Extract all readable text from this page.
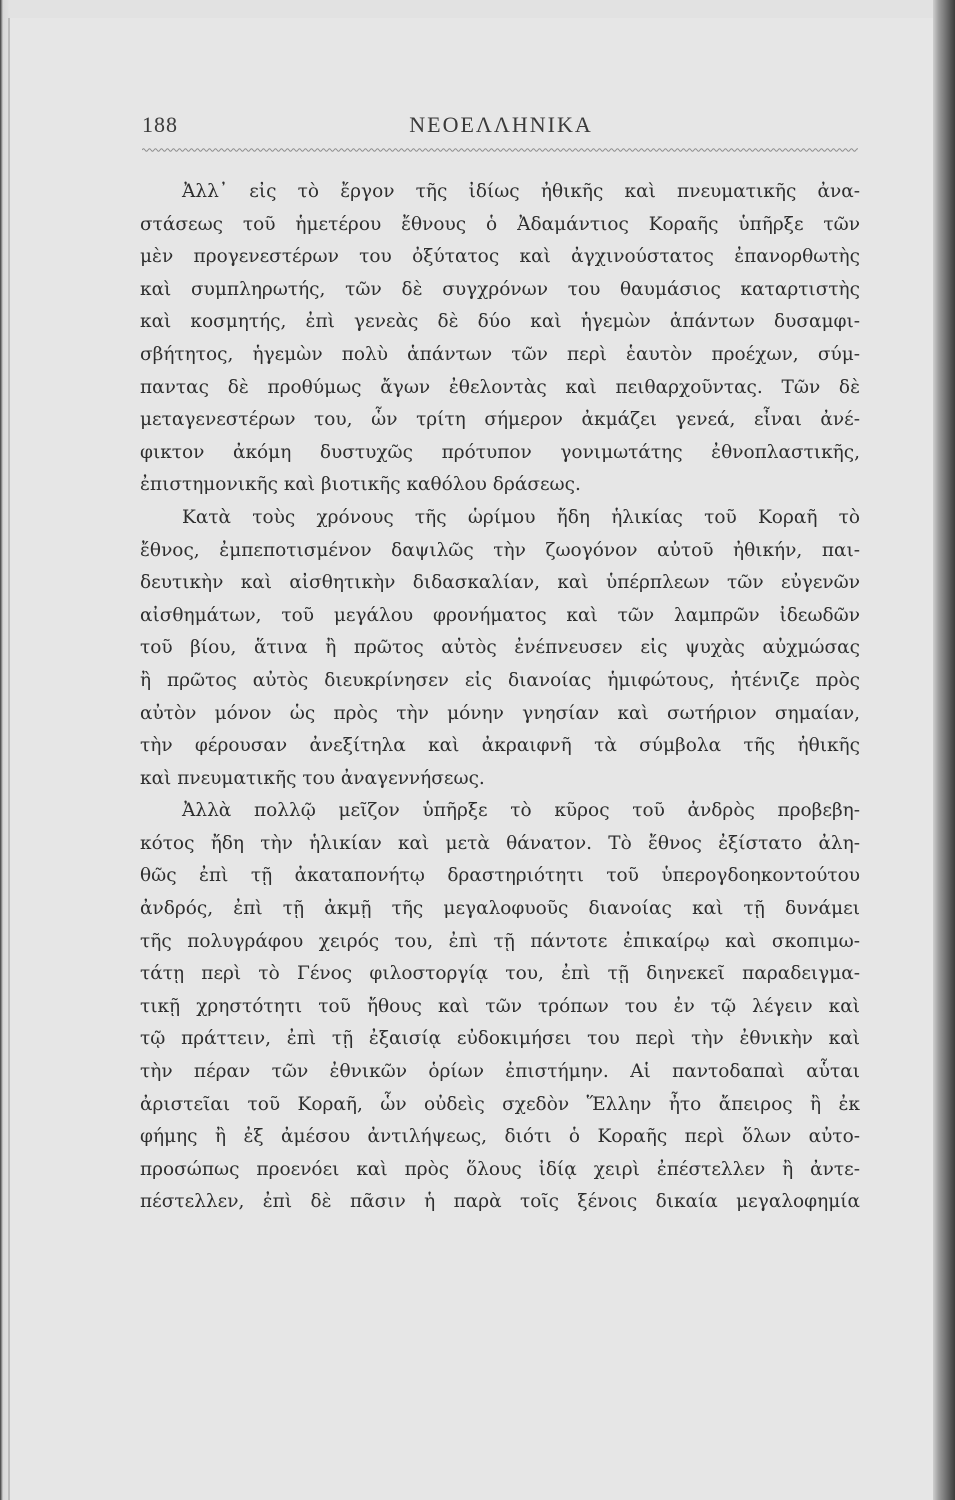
188	ΝΕΟΕΛΛΗΝΙΚΑ
Ἀλλ᾽ εἰς τὸ ἔργον τῆς ἰδίως ἠθικῆς καὶ πνευματικῆς ἀνα-
στάσεως τοῦ ἡμετέρου ἔθνους ὁ Ἀδαμάντιος Κοραῆς ὑπῆρξε τῶν
μὲν προγενεστέρων του ὀξύτατος καὶ ἀγχινούστατος ἐπανορθωτὴς
καὶ συμπληρωτής, τῶν δὲ συγχρόνων του θαυμάσιος καταρτιστὴς
καὶ κοσμητής, ἐπὶ γενεὰς δὲ δύο καὶ ἡγεμὼν ἁπάντων δυσαμφι-
σβήτητος, ἡγεμὼν πολὺ ἁπάντων τῶν περὶ ἑαυτὸν προέχων, σύμ-
παντας δὲ προθύμως ἄγων ἐθελοντὰς καὶ πειθαρχοῦντας. Τῶν δὲ
μεταγενεστέρων του, ὧν τρίτη σήμερον ἀκμάζει γενεά, εἶναι ἀνέ-
φικτον ἀκόμη δυστυχῶς πρότυπον γονιμωτάτης ἐθνοπλαστικῆς,
ἐπιστημονικῆς καὶ βιοτικῆς καθόλου δράσεως.
Κατὰ τοὺς χρόνους τῆς ὡρίμου ἤδη ἡλικίας τοῦ Κοραῆ τὸ
ἔθνος, ἐμπεποτισμένον δαψιλῶς τὴν ζωογόνον αὐτοῦ ἠθικήν, παι-
δευτικὴν καὶ αἰσθητικὴν διδασκαλίαν, καὶ ὑπέρπλεων τῶν εὐγενῶν
αἰσθημάτων, τοῦ μεγάλου φρονήματος καὶ τῶν λαμπρῶν ἰδεωδῶν
τοῦ βίου, ἅτινα ἢ πρῶτος αὐτὸς ἐνέπνευσεν εἰς ψυχὰς αὐχμώσας
ἢ πρῶτος αὐτὸς διευκρίνησεν εἰς διανοίας ἡμιφώτους, ἠτένιζε πρὸς
αὐτὸν μόνον ὡς πρὸς τὴν μόνην γνησίαν καὶ σωτήριον σημαίαν,
τὴν φέρουσαν ἀνεξίτηλα καὶ ἀκραιφνῆ τὰ σύμβολα τῆς ἠθικῆς
καὶ πνευματικῆς του ἀναγεννήσεως.
Ἀλλὰ πολλῷ μεῖζον ὑπῆρξε τὸ κῦρος τοῦ ἀνδρὸς προβεβη-
κότος ἤδη τὴν ἡλικίαν καὶ μετὰ θάνατον. Τὸ ἔθνος ἐξίστατο ἀλη-
θῶς ἐπὶ τῇ ἀκαταπονήτῳ δραστηριότητι τοῦ ὑπερογδοηκοντούτου
ἀνδρός, ἐπὶ τῇ ἀκμῇ τῆς μεγαλοφυοῦς διανοίας καὶ τῇ δυνάμει
τῆς πολυγράφου χειρός του, ἐπὶ τῇ πάντοτε ἐπικαίρῳ καὶ σκοπιμω-
τάτῃ περὶ τὸ Γένος φιλοστοργίᾳ του, ἐπὶ τῇ διηνεκεῖ παραδειγμα-
τικῇ χρηστότητι τοῦ ἤθους καὶ τῶν τρόπων του ἐν τῷ λέγειν καὶ
τῷ πράττειν, ἐπὶ τῇ ἐξαισίᾳ εὐδοκιμήσει του περὶ τὴν ἐθνικὴν καὶ
τὴν πέραν τῶν ἐθνικῶν ὁρίων ἐπιστήμην. Αἱ παντοδαπαὶ αὗται
ἀριστεῖαι τοῦ Κοραῆ, ὧν οὐδεὶς σχεδὸν Ἕλλην ἦτο ἄπειρος ἢ ἐκ
φήμης ἢ ἐξ ἀμέσου ἀντιλήψεως, διότι ὁ Κοραῆς περὶ ὅλων αὐτο-
προσώπως προενόει καὶ πρὸς ὅλους ἰδίᾳ χειρὶ ἐπέστελλεν ἢ ἀντε-
πέστελλεν, ἐπὶ δὲ πᾶσιν ἡ παρὰ τοῖς ξένοις δικαία μεγαλοφημία
